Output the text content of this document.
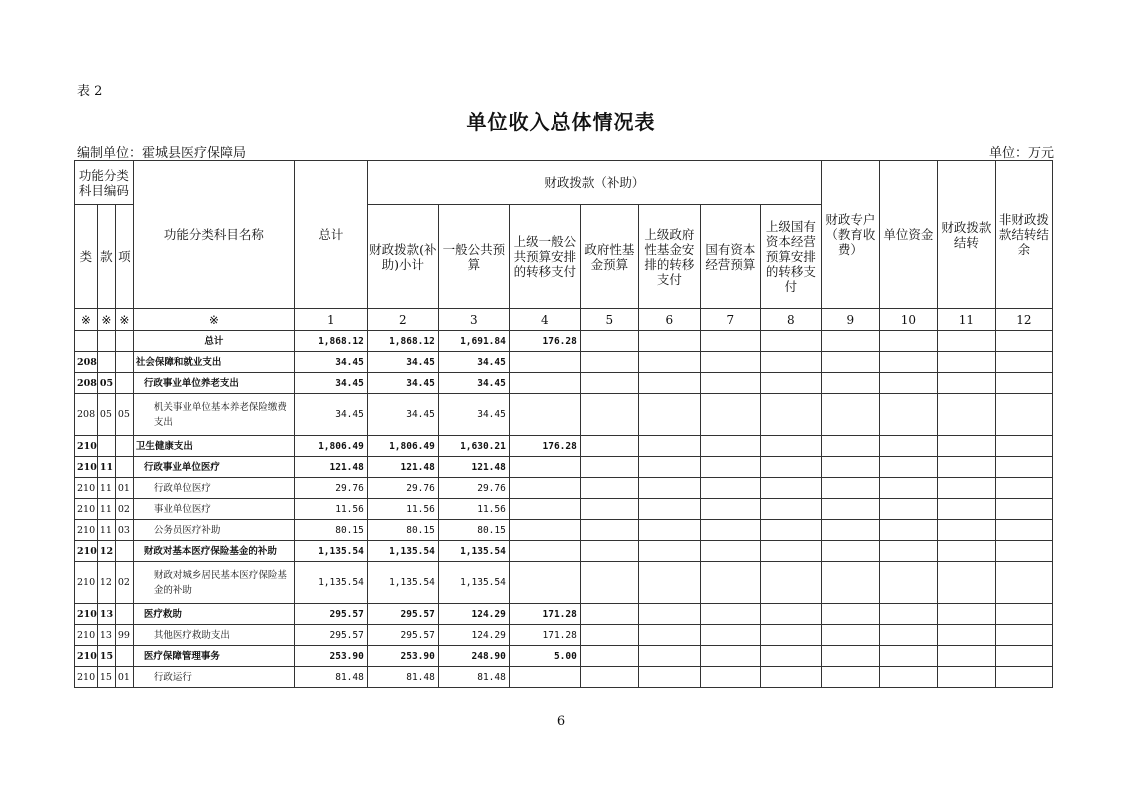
表 2
单位收入总体情况表
编制单位：霍城县医疗保障局	单位：万元
功能分类科目编码			功能分类科目名称	总计	财政拨款（补助）							财政专户（教育收费）	单位资金	财政拨款结转	非财政拨款结转结余
类	款	项			财政拨款(补助)小计	一般公共预算	上级一般公共预算安排的转移支付	政府性基金预算	上级政府性基金安排的转移支付	国有资本经营预算	上级国有资本经营预算安排的转移支付				
※	※	※	※	1	2	3	4	5	6	7	8	9	10	11	12
			总计	1,868.12	1,868.12	1,691.84	176.28								
208			社会保障和就业支出	34.45	34.45	34.45									
208	05		行政事业单位养老支出	34.45	34.45	34.45									
208	05	05	机关事业单位基本养老保险缴费支出	34.45	34.45	34.45									
210			卫生健康支出	1,806.49	1,806.49	1,630.21	176.28								
210	11		行政事业单位医疗	121.48	121.48	121.48									
210	11	01	行政单位医疗	29.76	29.76	29.76									
210	11	02	事业单位医疗	11.56	11.56	11.56									
210	11	03	公务员医疗补助	80.15	80.15	80.15									
210	12		财政对基本医疗保险基金的补助	1,135.54	1,135.54	1,135.54									
210	12	02	财政对城乡居民基本医疗保险基金的补助	1,135.54	1,135.54	1,135.54									
210	13		医疗救助	295.57	295.57	124.29	171.28								
210	13	99	其他医疗救助支出	295.57	295.57	124.29	171.28								
210	15		医疗保障管理事务	253.90	253.90	248.90	5.00								
210	15	01	行政运行	81.48	81.48	81.48									
6
